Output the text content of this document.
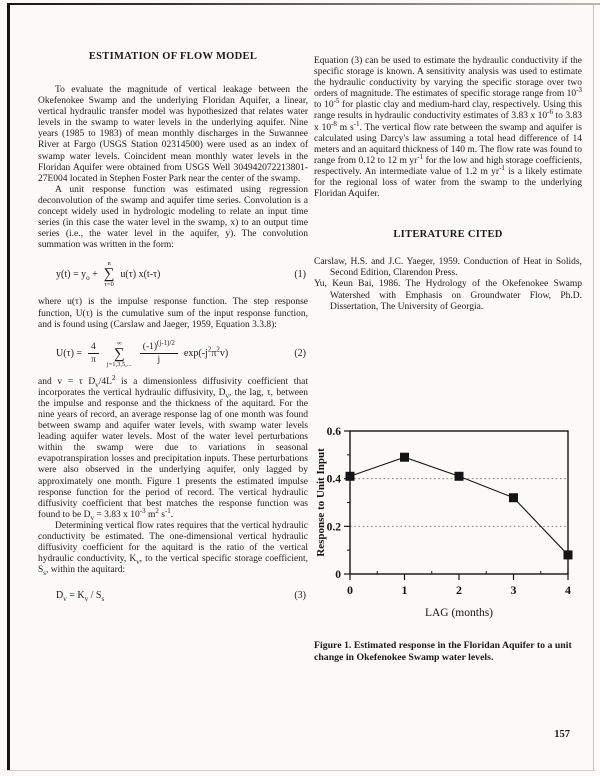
ESTIMATION OF FLOW MODEL

To evaluate the magnitude of vertical leakage between the Okefenokee Swamp and the underlying Floridan Aquifer, a linear, vertical hydraulic transfer model was hypothesized that relates water levels in the swamp to water levels in the underlying aquifer. Nine years (1985 to 1983) of mean monthly discharges in the Suwannee River at Fargo (USGS Station 02314500) were used as an index of swamp water levels. Coincident mean monthly water levels in the Floridan Aquifer were obtained from USGS Well 304942072213801-27E004 located in Stephen Foster Park near the center of the swamp.

A unit response function was estimated using regression deconvolution of the swamp and aquifer time series. Convolution is a concept widely used in hydrologic modeling to relate an input time series (in this case the water level in the swamp, x) to an output time series (i.e., the water level in the aquifer, y). The convolution summation was written in the form:

$y(t) = y_o$ +
n
∑
τ=0
u(τ) x(t-τ)	(1)

where u(τ) is the impulse response function. The step response function, U(τ) is the cumulative sum of the input response function, and is found using (Carslaw and Jaeger, 1959, Equation 3.3.8):

$U(\tau) = \frac{4}{\pi}$	∞
∑
j=1,3,5,... $\frac{(-1)^{(j-1)/2}}{j} \exp(-j^2\pi^2v)$	(2)

and v = τ $D_v/4L^2$ is a dimensionless diffusivity coefficient that incorporates the vertical hydraulic diffusivity, $D_v$, the lag, τ, between the impulse and response and the thickness of the aquitard. For the nine years of record, an average response lag of one month was found between swamp and aquifer water levels, with swamp water levels leading aquifer water levels. Most of the water level perturbations within the swamp were due to variations in seasonal evapotranspiration losses and precipitation inputs. These perturbations were also observed in the underlying aquifer, only lagged by approximately one month. Figure 1 presents the estimated impulse response function for the period of record. The vertical hydraulic diffusivity coefficient that best matches the response function was found to be $D_v = 3.83$ x $10^{-3}$ $m^2$ $s^{-1}$.

Determining vertical flow rates requires that the vertical hydraulic conductivity be estimated. The one-dimensional vertical hydraulic diffusivity coefficient for the aquitard is the ratio of the vertical hydraulic conductivity, $K_v$, to the vertical specific storage coefficient, $S_s$, within the aquitard:

$D_v = K_v / S_s$	(3)

Equation (3) can be used to estimate the hydraulic conductivity if the specific storage is known. A sensitivity analysis was used to estimate the hydraulic conductivity by varying the specific storage over two orders of magnitude. The estimates of specific storage range from $10^{-3}$ to $10^{-5}$ for plastic clay and medium-hard clay, respectively. Using this range results in hydraulic conductivity estimates of 3.83 x $10^{-6}$ to 3.83 x $10^{-8}$ m $s^{-1}$. The vertical flow rate between the swamp and aquifer is calculated using Darcy's law assuming a total head difference of 14 meters and an aquitard thickness of 140 m. The flow rate was found to range from 0.12 to 12 m $yr^{-1}$ for the low and high storage coefficients, respectively. An intermediate value of 1.2 m $yr^{-1}$ is a likely estimate for the regional loss of water from the swamp to the underlying Floridan Aquifer.

LITERATURE CITED

Carslaw, H.S. and J.C. Yaeger, 1959. Conduction of Heat in Solids, Second Edition, Clarendon Press.

Yu, Keun Bai, 1986. The Hydrology of the Okefenokee Swamp Watershed with Emphasis on Groundwater Flow, Ph.D. Dissertation, The University of Georgia.

0
0.2
0.4
0.6
0	1	2	3	4
LAG (months)
Response to Unit Input
Figure 1. Estimated response in the Floridan Aquifer to a unit change in Okefenokee Swamp water levels.
157
